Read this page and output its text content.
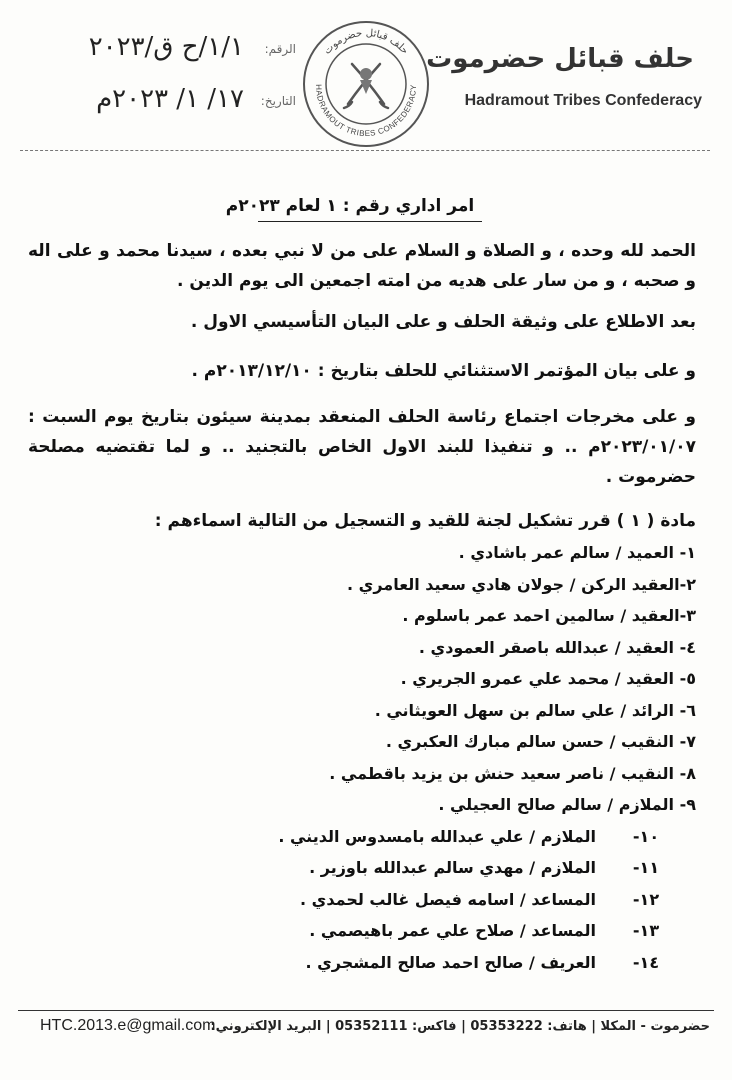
حلف قبائل حضرموت
Hadramout Tribes Confederacy
حلف قبائل حضرموت
HADRAMOUT TRIBES CONFEDERACY
الرقم:
١/١/ح ق/٢٠٢٣
التاريخ:
١٧/ ١/ ٢٠٢٣م
امر اداري رقم : ١ لعام ٢٠٢٣م
الحمد لله وحده ، و الصلاة و السلام على من لا نبي بعده ، سيدنا محمد و على اله و صحبه ، و من سار على هديه من امته اجمعين الى يوم الدين .
بعد الاطلاع على وثيقة الحلف و على البيان التأسيسي الاول .
و على بيان المؤتمر الاستثنائي للحلف بتاريخ : ٢٠١٣/١٢/١٠م .
و على مخرجات اجتماع رئاسة الحلف المنعقد بمدينة سيئون بتاريخ يوم السبت : ٢٠٢٣/٠١/٠٧م .. و تنفيذا للبند الاول الخاص بالتجنيد .. و لما تقتضيه مصلحة حضرموت .
مادة ( ١ ) قرر تشكيل لجنة للقيد و التسجيل من التالية اسماءهم :
١- العميد / سالم عمر باشادي .
٢-العقيد الركن / جولان هادي سعيد العامري .
٣-العقيد / سالمين احمد عمر باسلوم .
٤- العقيد / عبدالله باصقر العمودي .
٥- العقيد / محمد علي عمرو الجريري .
٦- الرائد / علي سالم بن سهل العويثاني .
٧- النقيب / حسن سالم مبارك العكبري .
٨- النقيب / ناصر سعيد حنش بن يزيد باقطمي .
٩- الملازم / سالم صالح العجيلي .
١٠-الملازم / علي عبدالله بامسدوس الديني .
١١-الملازم / مهدي سالم عبدالله باوزير .
١٢-المساعد / اسامه فيصل غالب لحمدي .
١٣-المساعد / صلاح علي عمر باهيصمي .
١٤-العريف / صالح احمد صالح المشجري .
حضرموت - المكلا | هاتف: 05353222 | فاكس: 05352111 | البريد الإلكتروني:
HTC.2013.e@gmail.com
